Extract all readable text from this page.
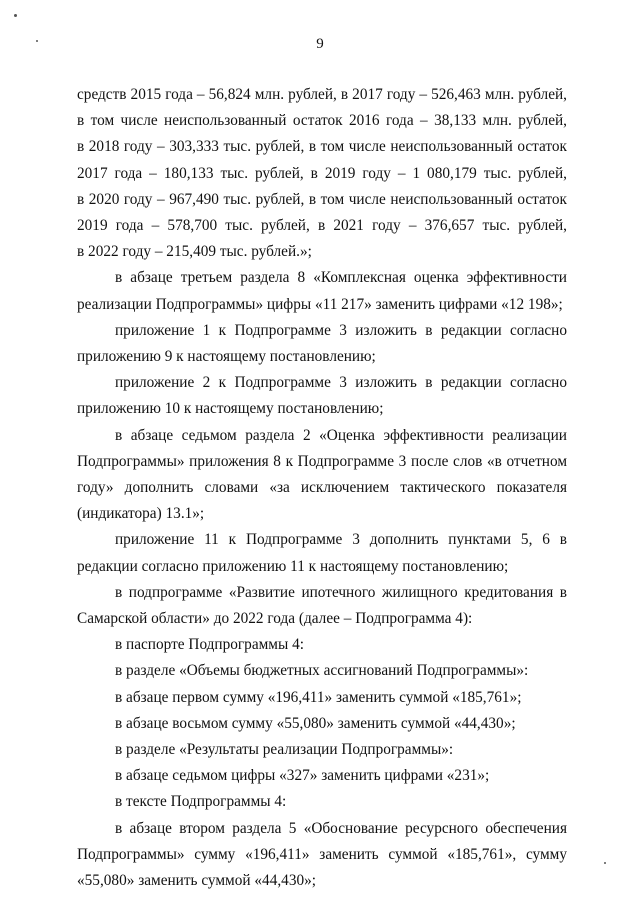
9

средств 2015 года – 56,824 млн. рублей, в 2017 году – 526,463 млн. рублей,
в том числе неиспользованный остаток 2016 года – 38,133 млн. рублей,
в 2018 году – 303,333 тыс. рублей, в том числе неиспользованный остаток
2017 года – 180,133 тыс. рублей, в 2019 году – 1 080,179 тыс. рублей,
в 2020 году – 967,490 тыс. рублей, в том числе неиспользованный остаток
2019 года – 578,700 тыс. рублей, в 2021 году – 376,657 тыс. рублей,
в 2022 году – 215,409 тыс. рублей.»;

в абзаце третьем раздела 8 «Комплексная оценка эффективности
реализации Подпрограммы» цифры «11 217» заменить цифрами «12 198»;

приложение 1 к Подпрограмме 3 изложить в редакции согласно
приложению 9 к настоящему постановлению;

приложение 2 к Подпрограмме 3 изложить в редакции согласно
приложению 10 к настоящему постановлению;

в абзаце седьмом раздела 2 «Оценка эффективности реализации
Подпрограммы» приложения 8 к Подпрограмме 3 после слов «в отчетном
году» дополнить словами «за исключением тактического показателя
(индикатора) 13.1»;

приложение 11 к Подпрограмме 3 дополнить пунктами 5, 6 в
редакции согласно приложению 11 к настоящему постановлению;

в подпрограмме «Развитие ипотечного жилищного кредитования в
Самарской области» до 2022 года (далее – Подпрограмма 4):

в паспорте Подпрограммы 4:

в разделе «Объемы бюджетных ассигнований Подпрограммы»:

в абзаце первом сумму «196,411» заменить суммой «185,761»;

в абзаце восьмом сумму «55,080» заменить суммой «44,430»;

в разделе «Результаты реализации Подпрограммы»:

в абзаце седьмом цифры «327» заменить цифрами «231»;

в тексте Подпрограммы 4:

в абзаце втором раздела 5 «Обоснование ресурсного обеспечения
Подпрограммы» сумму «196,411» заменить суммой «185,761», сумму
«55,080» заменить суммой «44,430»;
